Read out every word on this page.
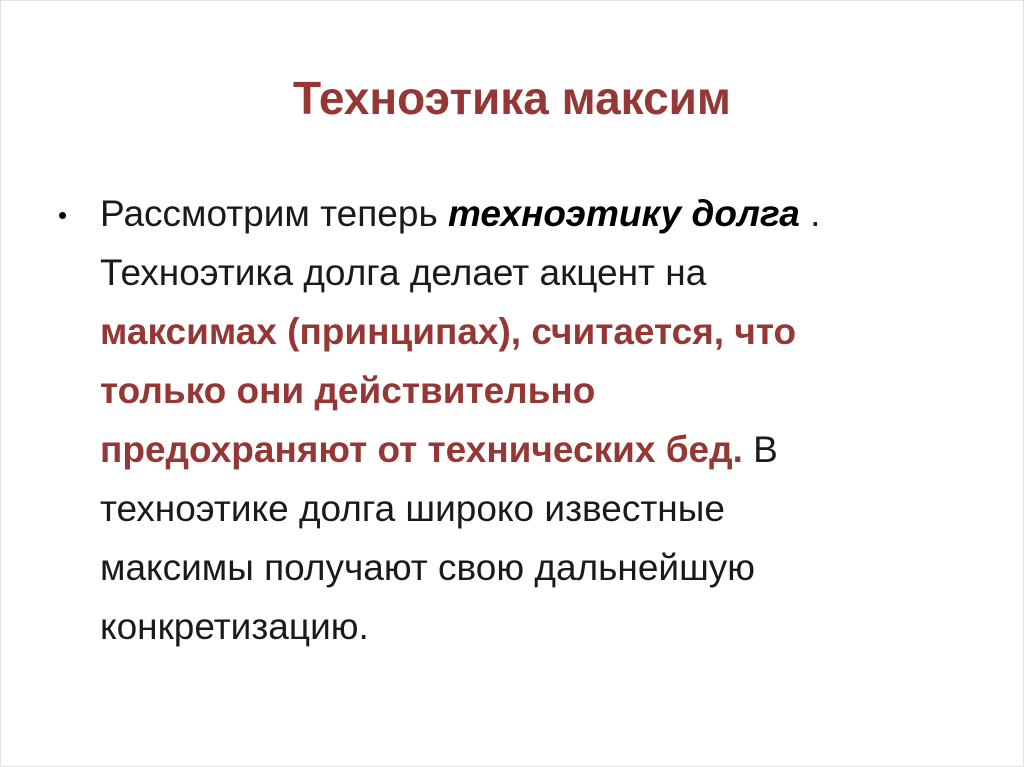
Техноэтика максим
• Рассмотрим теперь техноэтику долга .
Техноэтика долга делает акцент на
максимах (принципах), считается, что
только они действительно
предохраняют от технических бед. В
техноэтике долга широко известные
максимы получают свою дальнейшую
конкретизацию.
